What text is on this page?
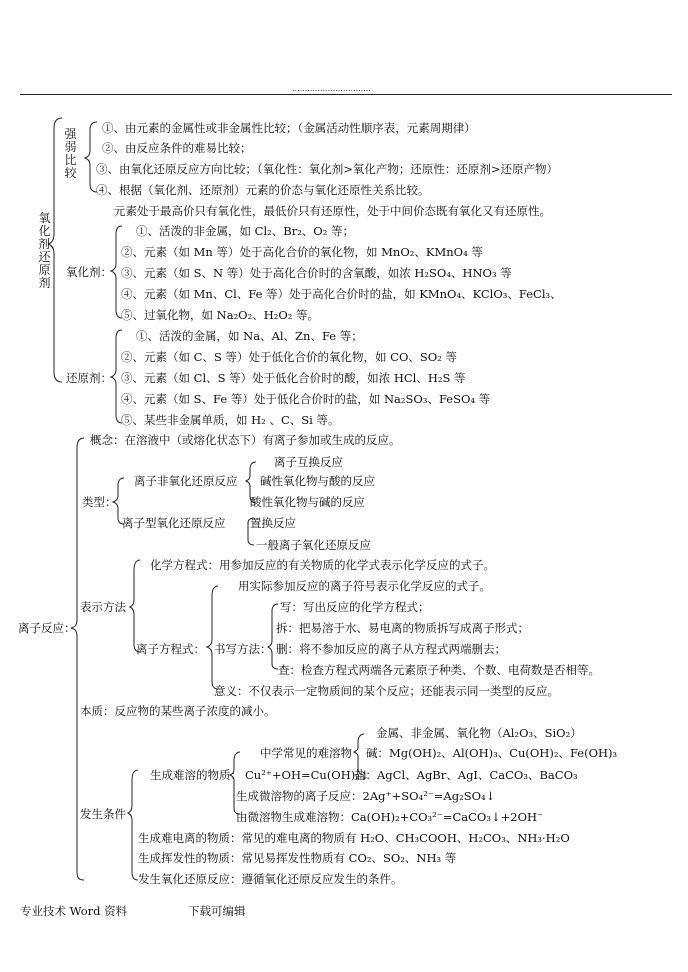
...............................
氧化剂、还原剂
强弱比较
①、由元素的金属性或非金属性比较；（金属活动性顺序表，元素周期律）
②、由反应条件的难易比较；
③、由氧化还原反应方向比较；（氧化性：氧化剂>氧化产物；还原性：还原剂>还原产物）
④、根据（氧化剂、还原剂）元素的价态与氧化还原性关系比较。
元素处于最高价只有氧化性，最低价只有还原性，处于中间价态既有氧化又有还原性。
氧化剂：
①、活泼的非金属，如 Cl₂、Br₂、O₂ 等；
②、元素（如 Mn 等）处于高化合价的氧化物，如 MnO₂、KMnO₄ 等
③、元素（如 S、N 等）处于高化合价时的含氧酸，如浓 H₂SO₄、HNO₃ 等
④、元素（如 Mn、Cl、Fe 等）处于高化合价时的盐，如 KMnO₄、KClO₃、FeCl₃、
⑤、过氧化物，如 Na₂O₂、H₂O₂ 等。
还原剂：
①、活泼的金属，如 Na、Al、Zn、Fe 等；
②、元素（如 C、S 等）处于低化合价的氧化物，如 CO、SO₂ 等
③、元素（如 Cl、S 等）处于低化合价时的酸，如浓 HCl、H₂S 等
④、元素（如 S、Fe 等）处于低化合价时的盐，如 Na₂SO₃、FeSO₄ 等
⑤、某些非金属单质，如 H₂ 、C、Si 等。
离子反应：
概念：在溶液中（或熔化状态下）有离子参加或生成的反应。
类型：
离子非氧化还原反应
离子互换反应
碱性氧化物与酸的反应
酸性氧化物与碱的反应
离子型氧化还原反应 置换反应
一般离子氧化还原反应
表示方法
化学方程式：用参加反应的有关物质的化学式表示化学反应的式子。
离子方程式：
用实际参加反应的离子符号表示化学反应的式子。
书写方法：
写：写出反应的化学方程式；
拆：把易溶于水、易电离的物质拆写成离子形式；
删：将不参加反应的离子从方程式两端删去；
查：检查方程式两端各元素原子种类、个数、电荷数是否相等。
意义：不仅表示一定物质间的某个反应；还能表示同一类型的反应。
本质：反应物的某些离子浓度的减小。
发生条件
生成难溶的物质：
金属、非金属、氧化物（Al₂O₃、SiO₂）
中学常见的难溶物 碱：Mg(OH)₂、Al(OH)₃、Cu(OH)₂、Fe(OH)₃
Cu²⁺+OH=Cu(OH)₂↓
盐：AgCl、AgBr、AgI、CaCO₃、BaCO₃
生成微溶物的离子反应：2Ag⁺+SO₄²⁻=Ag₂SO₄↓
由微溶物生成难溶物：Ca(OH)₂+CO₃²⁻=CaCO₃↓+2OH⁻
生成难电离的物质：常见的难电离的物质有 H₂O、CH₃COOH、H₂CO₃、NH₃·H₂O
生成挥发性的物质：常见易挥发性物质有 CO₂、SO₂、NH₃ 等
发生氧化还原反应：遵循氧化还原反应发生的条件。
专业技术 Word 资料	下载可编辑
